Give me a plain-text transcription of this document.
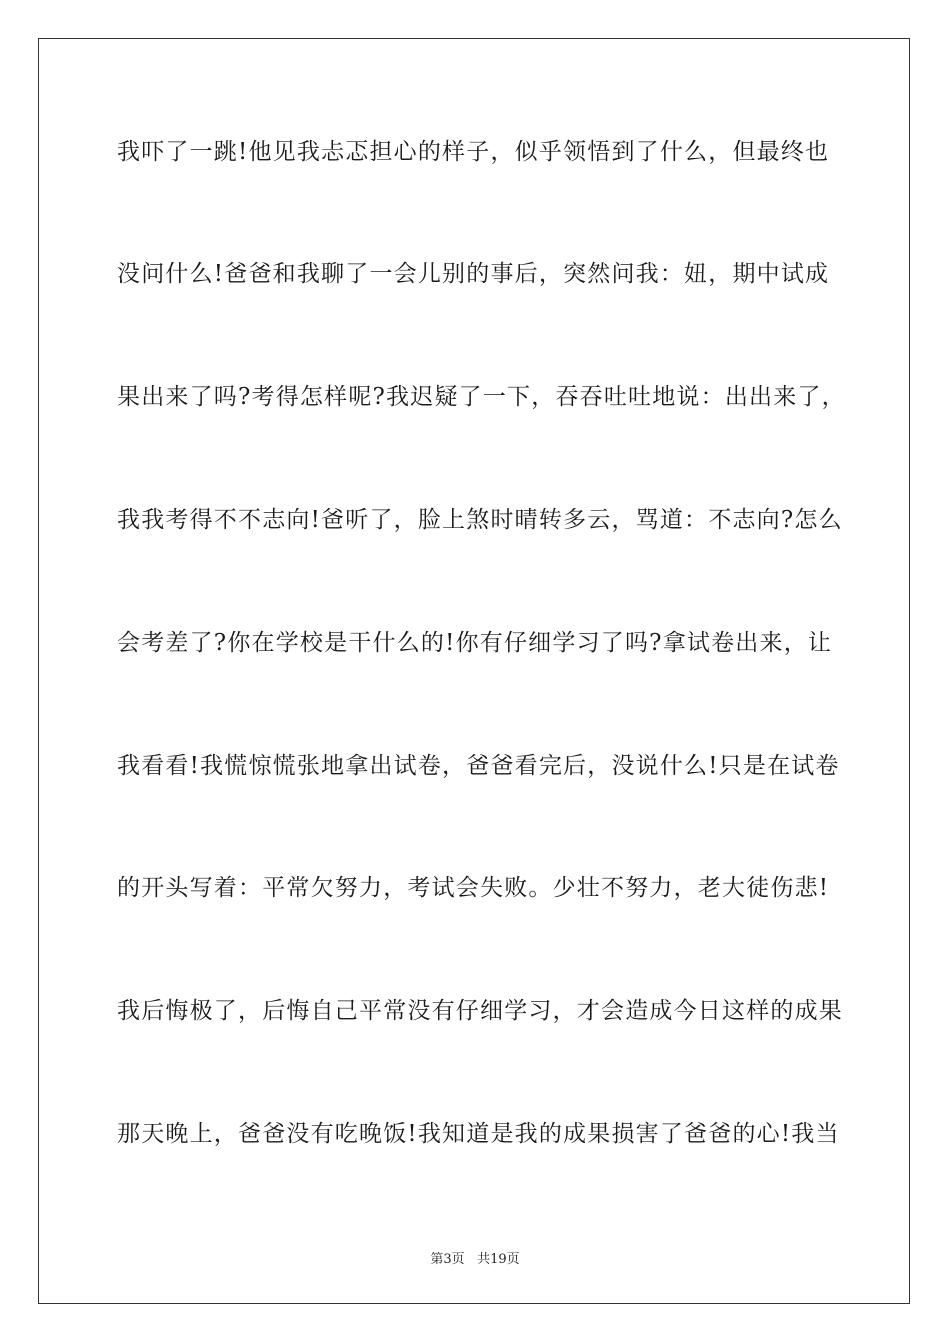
我吓了一跳!他见我忐忑担心的样子，似乎领悟到了什么，但最终也
没问什么!爸爸和我聊了一会儿别的事后，突然问我：妞，期中试成
果出来了吗?考得怎样呢?我迟疑了一下，吞吞吐吐地说：出出来了，
我我考得不不志向!爸听了，脸上煞时晴转多云，骂道：不志向?怎么
会考差了?你在学校是干什么的!你有仔细学习了吗?拿试卷出来，让
我看看!我慌惊慌张地拿出试卷，爸爸看完后，没说什么!只是在试卷
的开头写着：平常欠努力，考试会失败。少壮不努力，老大徒伤悲!
我后悔极了，后悔自己平常没有仔细学习，才会造成今日这样的成果
那天晚上，爸爸没有吃晚饭!我知道是我的成果损害了爸爸的心!我当
第3页 共19页
